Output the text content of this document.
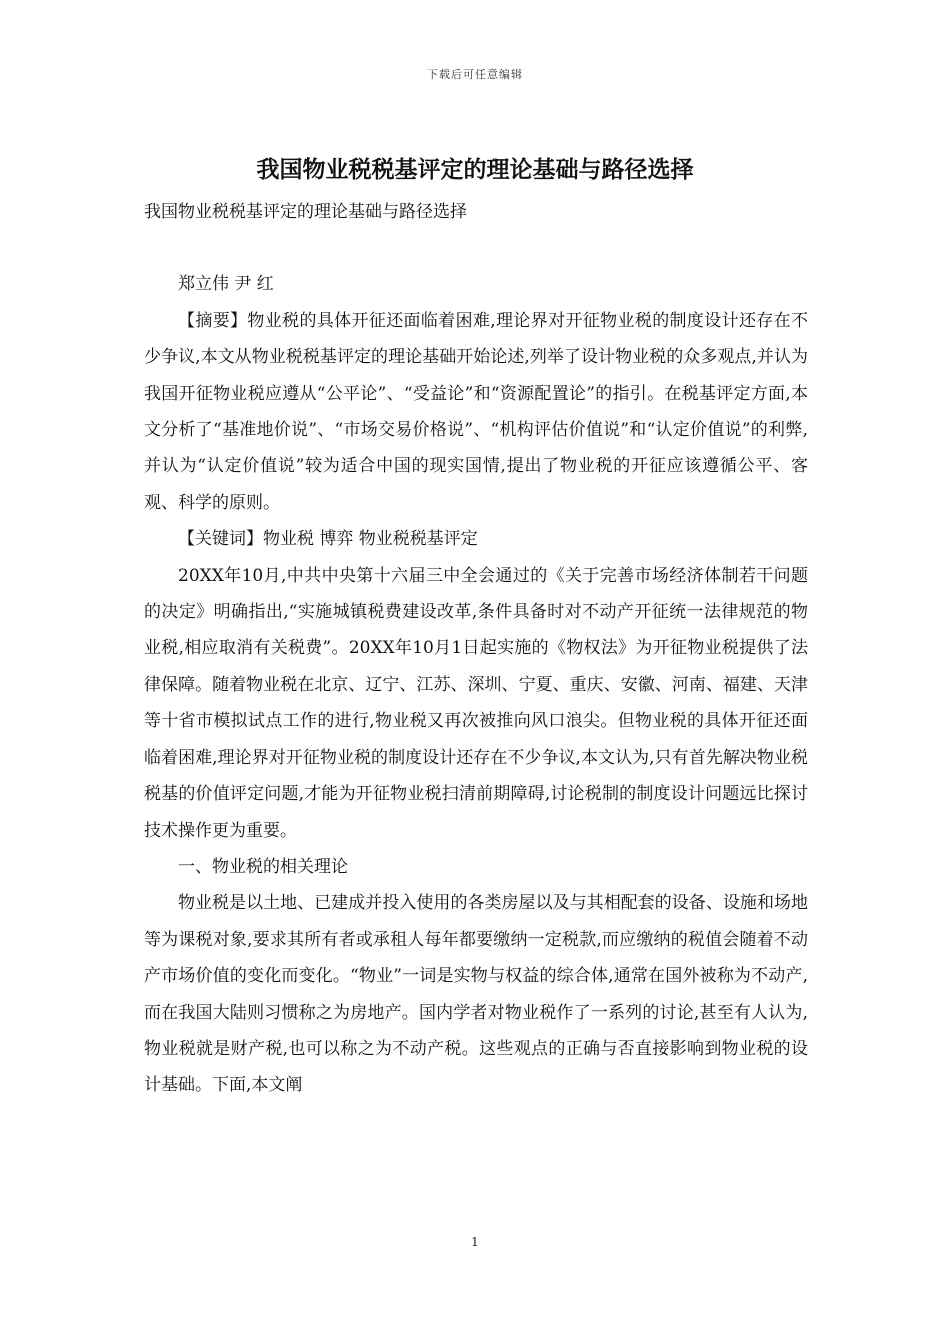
下载后可任意编辑
我国物业税税基评定的理论基础与路径选择

我国物业税税基评定的理论基础与路径选择

郑立伟 尹 红

【摘要】物业税的具体开征还面临着困难,理论界对开征物业税的制度设计还存在不少争议,本文从物业税税基评定的理论基础开始论述,列举了设计物业税的众多观点,并认为我国开征物业税应遵从“公平论”、“受益论”和“资源配置论”的指引。在税基评定方面,本文分析了“基准地价说”、“市场交易价格说”、“机构评估价值说”和“认定价值说”的利弊,并认为“认定价值说”较为适合中国的现实国情,提出了物业税的开征应该遵循公平、客观、科学的原则。

【关键词】物业税 博弈 物业税税基评定

20XX年10月,中共中央第十六届三中全会通过的《关于完善市场经济体制若干问题的决定》明确指出,“实施城镇税费建设改革,条件具备时对不动产开征统一法律规范的物业税,相应取消有关税费”。20XX年10月1日起实施的《物权法》为开征物业税提供了法律保障。随着物业税在北京、辽宁、江苏、深圳、宁夏、重庆、安徽、河南、福建、天津等十省市模拟试点工作的进行,物业税又再次被推向风口浪尖。但物业税的具体开征还面临着困难,理论界对开征物业税的制度设计还存在不少争议,本文认为,只有首先解决物业税税基的价值评定问题,才能为开征物业税扫清前期障碍,讨论税制的制度设计问题远比探讨技术操作更为重要。

一、物业税的相关理论

物业税是以土地、已建成并投入使用的各类房屋以及与其相配套的设备、设施和场地等为课税对象,要求其所有者或承租人每年都要缴纳一定税款,而应缴纳的税值会随着不动产市场价值的变化而变化。“物业”一词是实物与权益的综合体,通常在国外被称为不动产,而在我国大陆则习惯称之为房地产。国内学者对物业税作了一系列的讨论,甚至有人认为,物业税就是财产税,也可以称之为不动产税。这些观点的正确与否直接影响到物业税的设计基础。下面,本文阐

1
